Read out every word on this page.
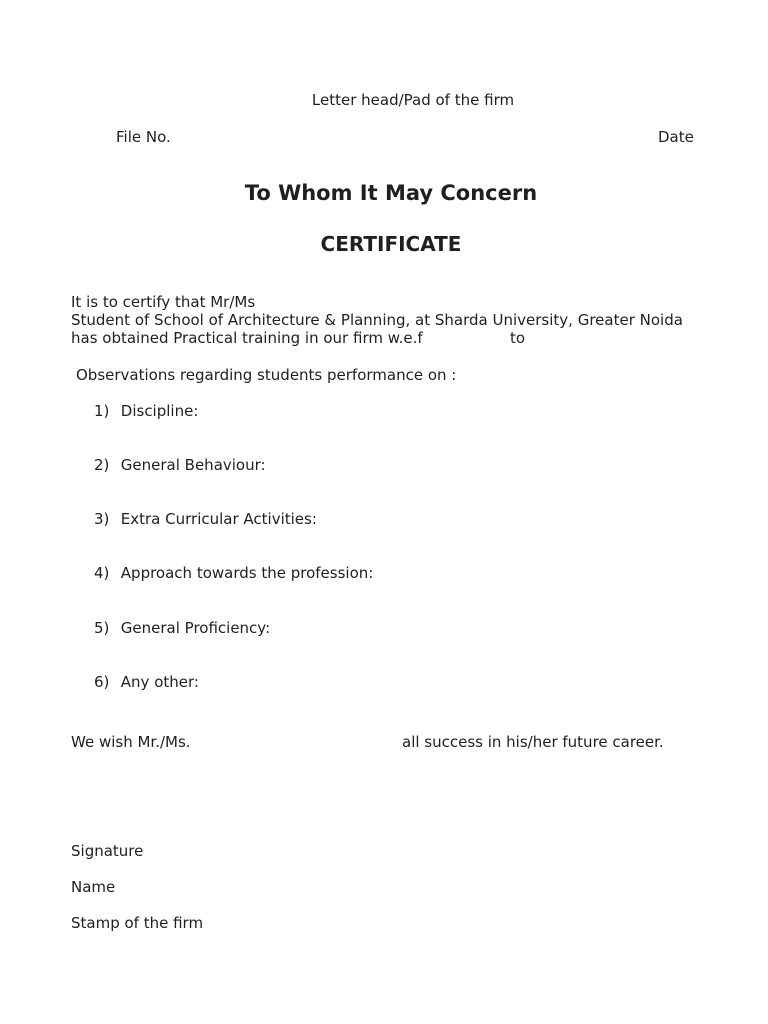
Letter head/Pad of the firm
File No.	Date
To Whom It May Concern
CERTIFICATE
It is to certify that Mr/Ms
Student of School of Architecture & Planning, at Sharda University, Greater Noida
has obtained Practical training in our firm w.e.f	to
Observations regarding students performance on :
1) Discipline:
2) General Behaviour:
3) Extra Curricular Activities:
4) Approach towards the profession:
5) General Proficiency:
6) Any other:
We wish Mr./Ms.	all success in his/her future career.
Signature
Name
Stamp of the firm
